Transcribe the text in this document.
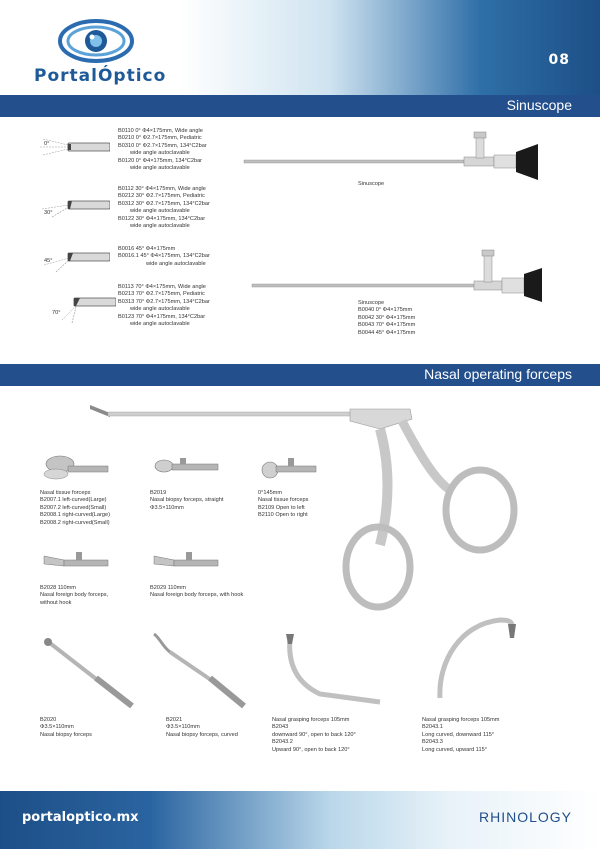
PortalÓptico
08
Sinuscope
0°
30°
45°
70°
B0110 0° Φ4×175mm, Wide angle
B0210 0° Φ2.7×175mm, Pediatric
B0310 0° Φ2.7×175mm, 134°C2bar
wide angle autoclavable
B0120 0° Φ4×175mm, 134°C2bar
wide angle autoclavable
B0112 30° Φ4×175mm, Wide angle
B0212 30° Φ2.7×175mm, Pediatric
B0312 30° Φ2.7×175mm, 134°C2bar
wide angle autoclavable
B0122 30° Φ4×175mm, 134°C2bar
wide angle autoclavable
B0016 45° Φ4×175mm
B0016.1 45° Φ4×175mm, 134°C2bar
wide angle autoclavable
B0113 70° Φ4×175mm, Wide angle
B0213 70° Φ2.7×175mm, Pediatric
B0313 70° Φ2.7×175mm, 134°C2bar
wide angle autoclavable
B0123 70° Φ4×175mm, 134°C2bar
wide angle autoclavable
Sinuscope
Sinuscope
B0040 0° Φ4×175mm
B0042 30° Φ4×175mm
B0043 70° Φ4×175mm
B0044 45° Φ4×175mm
Nasal operating forceps
Nasal tissue forceps
B2007.1 left-curved(Large)
B2007.2 left-curved(Small)
B2008.1 right-curved(Large)
B2008.2 right-curved(Small)
B2019
Nasal biopsy forceps, straight
Φ3.5×110mm
0°145mm
Nasal tissue forceps
B2109 Open to left
B2110 Open to right
B2028 110mm
Nasal foreign body forceps,
without hook
B2029 110mm
Nasal foreign body forceps, with hook
B2020
Φ3.5×110mm
Nasal biopsy forceps
B2021
Φ3.5×110mm
Nasal biopsy forceps, curved
Nasal grasping forceps 105mm
B2043
downward 90°, open to back 120°
B2043.2
Upward 90°, open to back 120°
Nasal grasping forceps 105mm
B2043.1
Long curved, downward 115°
B2043.3
Long curved, upward 115°
portaloptico.mx	RHINOLOGY
